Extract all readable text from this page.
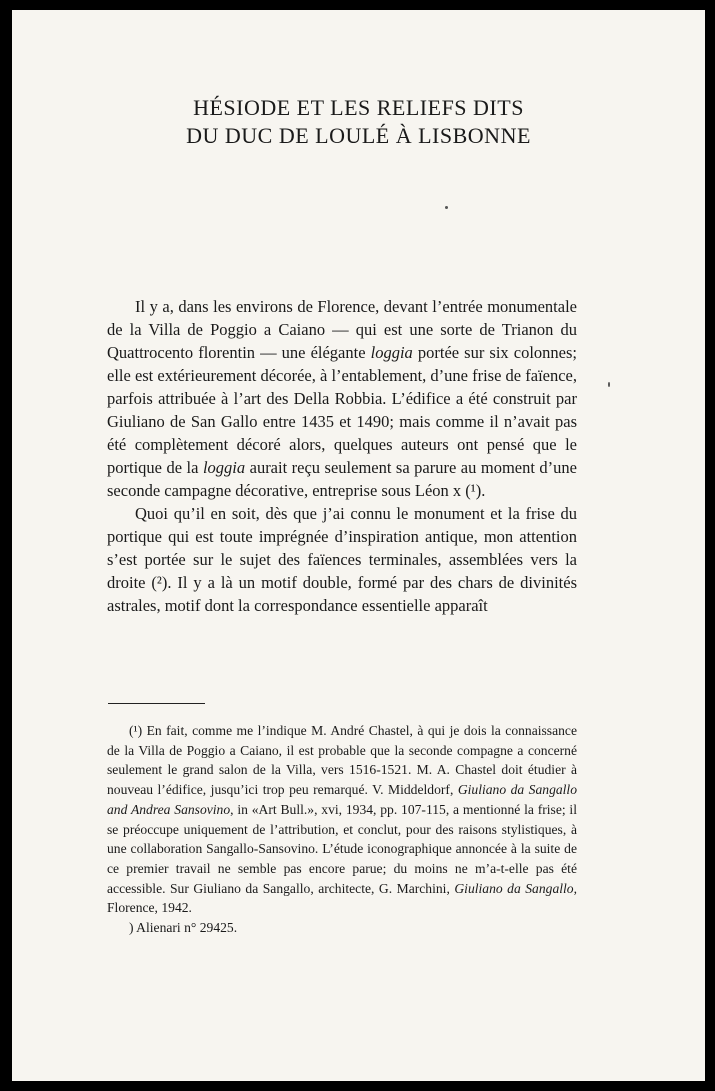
HÉSIODE ET LES RELIEFS DITS
DU DUC DE LOULÉ À LISBONNE

Il y a, dans les environs de Florence, devant l’entrée monumentale de la Villa de Poggio a Caiano — qui est une sorte de Trianon du Quattrocento florentin — une élégante loggia portée sur six colonnes; elle est extérieurement décorée, à l’entablement, d’une frise de faïence, parfois attribuée à l’art des Della Robbia. L’édifice a été construit par Giuliano de San Gallo entre 1435 et 1490; mais comme il n’avait pas été complètement décoré alors, quelques auteurs ont pensé que le portique de la loggia aurait reçu seulement sa parure au moment d’une seconde campagne décorative, entreprise sous Léon x (¹).

Quoi qu’il en soit, dès que j’ai connu le monument et la frise du portique qui est toute imprégnée d’inspiration antique, mon attention s’est portée sur le sujet des faïences terminales, assemblées vers la droite (²). Il y a là un motif double, formé par des chars de divinités astrales, motif dont la correspondance essentielle apparaît

(¹) En fait, comme me l’indique M. André Chastel, à qui je dois la connaissance de la Villa de Poggio a Caiano, il est probable que la seconde compagne a concerné seulement le grand salon de la Villa, vers 1516-1521. M. A. Chastel doit étudier à nouveau l’édifice, jusqu’ici trop peu remarqué. V. Middeldorf, Giuliano da Sangallo and Andrea Sansovino, in «Art Bull.», xvi, 1934, pp. 107-115, a mentionné la frise; il se préoccupe uniquement de l’attribution, et conclut, pour des raisons stylistiques, à une collaboration Sangallo-Sansovino. L’étude iconographique annoncée à la suite de ce premier travail ne semble pas encore parue; du moins ne m’a-t-elle pas été accessible. Sur Giuliano da Sangallo, architecte, G. Marchini, Giuliano da Sangallo, Florence, 1942.

) Alienari n° 29425.
